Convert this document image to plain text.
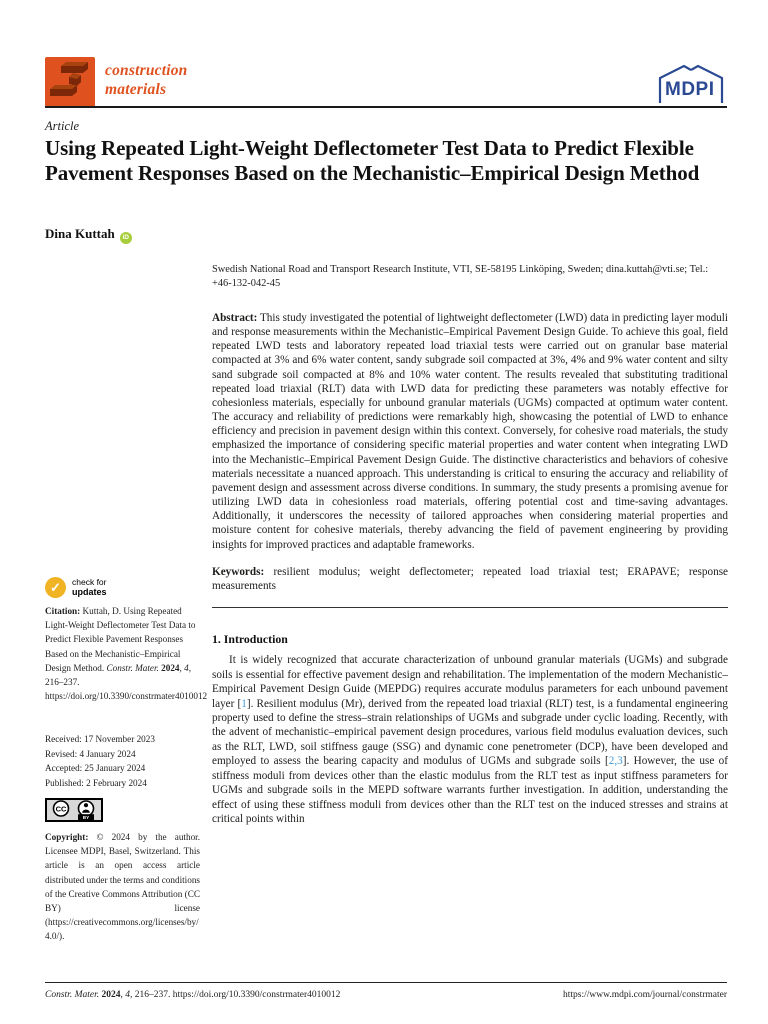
construction
materials	MDPI
Article
Using Repeated Light-Weight Deflectometer Test Data to Predict Flexible Pavement Responses Based on the Mechanistic–Empirical Design Method
Dina Kuttah iD
✓	check for
updates

Citation: Kuttah, D. Using Repeated Light-Weight Deflectometer Test Data to Predict Flexible Pavement Responses Based on the Mechanistic–Empirical Design Method. Constr. Mater. 2024, 4, 216–237. https://doi.org/10.3390/constrmater4010012

Received: 17 November 2023
Revised: 4 January 2024
Accepted: 25 January 2024
Published: 2 February 2024
CC
BY

Copyright: © 2024 by the author. Licensee MDPI, Basel, Switzerland. This article is an open access article distributed under the terms and conditions of the Creative Commons Attribution (CC BY) license (https://creativecommons.org/licenses/by/4.0/).

Swedish National Road and Transport Research Institute, VTI, SE-58195 Linköping, Sweden; dina.kuttah@vti.se; Tel.: +46-132-042-45

Abstract: This study investigated the potential of lightweight deflectometer (LWD) data in predicting layer moduli and response measurements within the Mechanistic–Empirical Pavement Design Guide. To achieve this goal, field repeated LWD tests and laboratory repeated load triaxial tests were carried out on granular base material compacted at 3% and 6% water content, sandy subgrade soil compacted at 3%, 4% and 9% water content and silty sand subgrade soil compacted at 8% and 10% water content. The results revealed that substituting traditional repeated load triaxial (RLT) data with LWD data for predicting these parameters was notably effective for cohesionless materials, especially for unbound granular materials (UGMs) compacted at optimum water content. The accuracy and reliability of predictions were remarkably high, showcasing the potential of LWD to enhance efficiency and precision in pavement design within this context. Conversely, for cohesive road materials, the study emphasized the importance of considering specific material properties and water content when integrating LWD into the Mechanistic–Empirical Pavement Design Guide. The distinctive characteristics and behaviors of cohesive materials necessitate a nuanced approach. This understanding is critical to ensuring the accuracy and reliability of pavement design and assessment across diverse conditions. In summary, the study presents a promising avenue for utilizing LWD data in cohesionless road materials, offering potential cost and time-saving advantages. Additionally, it underscores the necessity of tailored approaches when considering material properties and moisture content for cohesive materials, thereby advancing the field of pavement engineering by providing insights for improved practices and adaptable frameworks.

Keywords: resilient modulus; weight deflectometer; repeated load triaxial test; ERAPAVE; response measurements

1. Introduction

It is widely recognized that accurate characterization of unbound granular materials (UGMs) and subgrade soils is essential for effective pavement design and rehabilitation. The implementation of the modern Mechanistic–Empirical Pavement Design Guide (MEPDG) requires accurate modulus parameters for each unbound pavement layer [1]. Resilient modulus (Mr), derived from the repeated load triaxial (RLT) test, is a fundamental engineering property used to define the stress–strain relationships of UGMs and subgrade under cyclic loading. Recently, with the advent of mechanistic–empirical pavement design procedures, various field modulus evaluation devices, such as the RLT, LWD, soil stiffness gauge (SSG) and dynamic cone penetrometer (DCP), have been developed and employed to assess the bearing capacity and modulus of UGMs and subgrade soils [2,3]. However, the use of stiffness moduli from devices other than the elastic modulus from the RLT test as input stiffness parameters for UGMs and subgrade soils in the MEPD software warrants further investigation. In addition, understanding the effect of using these stiffness moduli from devices other than the RLT test on the induced stresses and strains at critical points within

Constr. Mater. 2024, 4, 216–237. https://doi.org/10.3390/constrmater4010012	https://www.mdpi.com/journal/constrmater
